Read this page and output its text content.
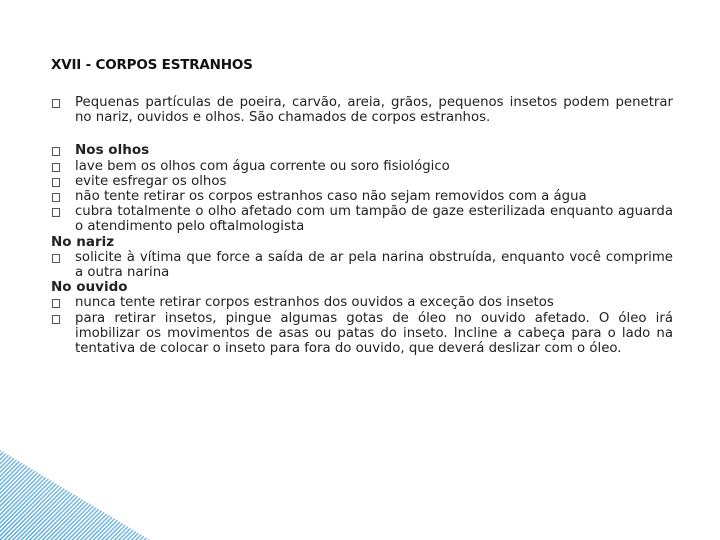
XVII - CORPOS ESTRANHOS
Pequenas partículas de poeira, carvão, areia, grãos, pequenos insetos podem penetrar no nariz, ouvidos e olhos. São chamados de corpos estranhos.
Nos olhos
lave bem os olhos com água corrente ou soro fisiológico
evite esfregar os olhos
não tente retirar os corpos estranhos caso não sejam removidos com a água
cubra totalmente o olho afetado com um tampão de gaze esterilizada enquanto aguarda o atendimento pelo oftalmologista
No nariz
solicite à vítima que force a saída de ar pela narina obstruída, enquanto você comprime a outra narina
No ouvido
nunca tente retirar corpos estranhos dos ouvidos a exceção dos insetos
para retirar insetos, pingue algumas gotas de óleo no ouvido afetado. O óleo irá imobilizar os movimentos de asas ou patas do inseto. Incline a cabeça para o lado na tentativa de colocar o inseto para fora do ouvido, que deverá deslizar com o óleo.
